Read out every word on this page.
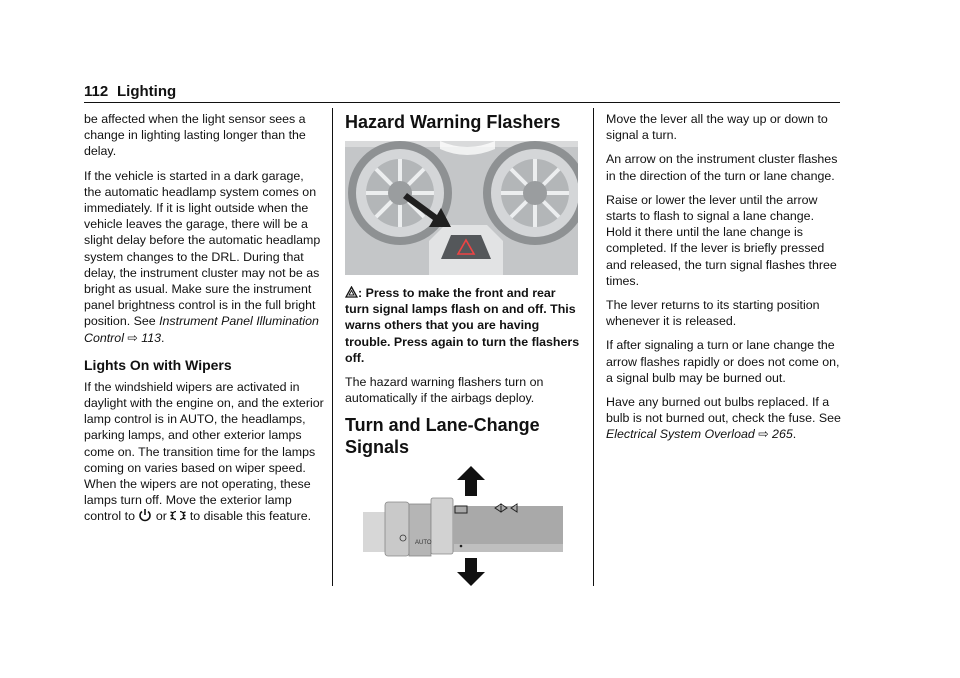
112 Lighting

be affected when the light sensor sees a change in lighting lasting longer than the delay.

If the vehicle is started in a dark garage, the automatic headlamp system comes on immediately. If it is light outside when the vehicle leaves the garage, there will be a slight delay before the automatic headlamp system changes to the DRL. During that delay, the instrument cluster may not be as bright as usual. Make sure the instrument panel brightness control is in the full bright position. See Instrument Panel Illumination Control ⇨ 113.

Lights On with Wipers

If the windshield wipers are activated in daylight with the engine on, and the exterior lamp control is in AUTO, the headlamps, parking lamps, and other exterior lamps come on. The transition time for the lamps coming on varies based on wiper speed. When the wipers are not operating, these lamps turn off. Move the exterior lamp control to or to disable this feature.

Hazard Warning Flashers

: Press to make the front and rear turn signal lamps flash on and off. This warns others that you are having trouble. Press again to turn the flashers off.

The hazard warning flashers turn on automatically if the airbags deploy.

Turn and Lane-Change Signals
AUTO

Move the lever all the way up or down to signal a turn.

An arrow on the instrument cluster flashes in the direction of the turn or lane change.

Raise or lower the lever until the arrow starts to flash to signal a lane change. Hold it there until the lane change is completed. If the lever is briefly pressed and released, the turn signal flashes three times.

The lever returns to its starting position whenever it is released.

If after signaling a turn or lane change the arrow flashes rapidly or does not come on, a signal bulb may be burned out.

Have any burned out bulbs replaced. If a bulb is not burned out, check the fuse. See Electrical System Overload ⇨ 265.
